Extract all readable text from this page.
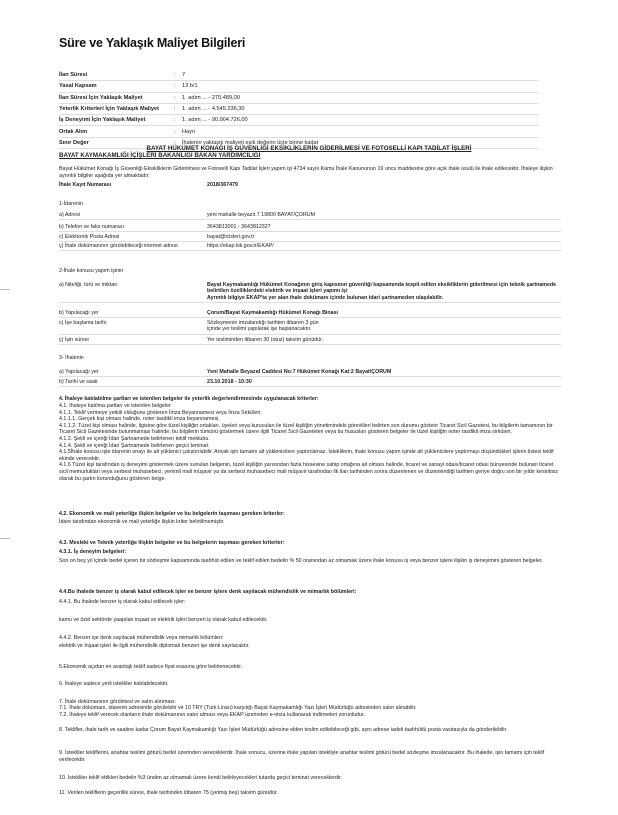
Süre ve Yaklaşık Maliyet Bilgileri
İlan Süresi	:	7
Yasal Kapsam	:	13 b/1
İlan Süresi İçin Yaklaşık Maliyet	:	1. adım ... - 270.489,00
Yeterlik Kriterleri İçin Yaklaşık Maliyet	:	1. adım ... - 4.545.236,30
İş Deneyimi İçin Yaklaşık Maliyet	:	1. adım ... - 90.904.726,00
Ortak Alım	:	Hayır
Sınır Değer	:	İhalenin yaklaşık maliyeti eşik değerin üçte birine kadar
BAYAT HÜKÜMET KONAĞI İŞ GÜVENLİĞİ EKSİKLİKLERİN GİDERİLMESİ VE FOTOSELLİ KAPI TADİLAT İŞLERİ
BAYAT KAYMAKAMLIĞI İÇİŞLERİ BAKANLIĞI BAKAN YARDIMCILIĞI
Bayat Hükümet Konağı İş Güvenliği Eksikliklerin Giderilmesi ve Fotoselli Kapı Tadilat İşleri yapım işi 4734 sayılı Kamu İhale Kanununun 19 uncu maddesine göre açık ihale usulü ile ihale edilecektir. İhaleye ilişkin ayrıntılı bilgiler aşağıda yer almaktadır:
İhale Kayıt Numarası	2018/367479
1-İdarenin
a) Adresi	yeni mahalle beyazıt 7 19800 BAYAT/ÇORUM
b) Telefon ve faks numarası	3643813001 - 3643812327
c) Elektronik Posta Adresi	bayat@icisleri.gov.tr
ç) İhale dokümanının görülebileceği internet adresi	https://ekap.kik.gov.tr/EKAP/
2-İhale konusu yapım işinin
a) Niteliği, türü ve miktarı	Bayat Kaymakamlığı Hükümet Konağının giriş kapısının güvenliği kapsamında tespit edilen eksikliklerin giderilmesi için teknik şartnamede belirtilen özelliklerdeki elektrik ve inşaat işleri yapımı işi
Ayrıntılı bilgiye EKAP'ta yer alan ihale dokümanı içinde bulunan idari şartnameden ulaşılabilir.
b) Yapılacağı yer	Çorum/Bayat Kaymakamlığı Hükümet Konağı Binası
c) İşe başlama tarihi	Sözleşmenin imzalandığı tarihten itibaren 3 gün içinde yer teslimi yapılarak işe başlanacaktır.
ç) İşin süresi	Yer tesliminden itibaren 30 (otuz) takvim günüdür.
3- İhalenin
a) Yapılacağı yer	Yeni Mahalle Beyazıd Caddesi No:7 Hükümet Konağı Kat:2 Bayat/ÇORUM
b) Tarihi ve saati	23.10.2018 - 10:30
4. İhaleye katılabilme şartları ve istenilen belgeler ile yeterlik değerlendirmesinde uygulanacak kriterler:
4.1. İhaleye katılma şartları ve istenilen belgeler
4.1.1. Teklif vermeye yetkili olduğunu gösteren İmza Beyannamesi veya İmza Sirküleri;
4.1.1.1. Gerçek kişi olması halinde, noter tasdikli imza beyannamesi,
4.1.1.2. Tüzel kişi olması halinde, ilgisine göre tüzel kişiliğin ortakları, üyeleri veya kurucuları ile tüzel kişiliğin yönetimindeki görevlileri belirten son durumu gösterir Ticaret Sicil Gazetesi, bu bilgilerin tamamının bir Ticaret Sicil Gazetesinde bulunmaması halinde, bu bilgilerin tümünü göstermek üzere ilgili Ticaret Sicil Gazeteleri veya bu hususları gösteren belgeler ile tüzel kişiliğin noter tasdikli imza sirküleri,
4.1.2. Şekli ve içeriği İdari Şartnamede belirlenen teklif mektubu.
4.1.4. Şekli ve içeriği İdari Şartnamede belirlenen geçici teminat.
4.1.5İhale konusu işte idarenin onayı ile alt yüklenici çalıştırılabilir. Ancak işin tamamı alt yüklenicilere yaptırılamaz. İsteklilerin, ihale konusu yapım işinde alt yüklenicilere yaptırmayı düşündükleri işlerin listesi teklif ekinde verecektir.
4.1.6 Tüzel kişi tarafından iş deneyimi göstermek üzere sunulan belgenin, tüzel kişiliğin yarısından fazla hissesine sahip ortağına ait olması halinde, ticaret ve sanayi odası/ticaret odası bünyesinde bulunan ticaret sicil memurlukları veya serbest muhasebeci, yeminli mali müşavir ya da serbest muhasebeci mali müşavir tarafından ilk ilan tarihinden sonra düzenlenen ve düzenlendiği tarihten geriye doğru son bir yıldır kesintisiz olarak bu şartın korunduğunu gösteren belge.
4.2. Ekonomik ve mali yeterliğe ilişkin belgeler ve bu belgelerin taşıması gereken kriterler:
İdare tarafından ekonomik ve mali yeterliğe ilişkin kriter belirtilmemiştir.
4.3. Mesleki ve Teknik yeterliğe ilişkin belgeler ve bu belgelerin taşıması gereken kriterler:
4.3.1. İş deneyim belgeleri:
Son on beş yıl içinde bedel içeren bir sözleşme kapsamında taahhüt edilen ve teklif edilen bedelin % 50 oranından az olmamak üzere ihale konusu iş veya benzer işlere ilişkin iş deneyimini gösteren belgeler.
4.4.Bu ihalede benzer iş olarak kabul edilecek işler ve benzer işlere denk sayılacak mühendislik ve mimarlık bölümleri:
4.4.1. Bu ihalede benzer iş olarak kabul edilecek işler:
kamu ve özel sektörde yaapılan inşaat ve elektrik işleri benzeri iş olarak kabul edilecektir.
4.4.2. Benzer işe denk sayılacak mühendislik veya mimarlık bölümleri:
elektrik ve İnşaat işleri ile ilgili mühendislik diplomalı benzeri işe denk sayılacaktır.
5.Ekonomik açıdan en avantajlı teklif sadece fiyat esasına göre belirlenecektir.
6. İhaleye sadece yerli istekliler katılabilecektir.
7. İhale dokümanının görülmesi ve satın alınması:
7.1. İhale dokümanı, idarenin adresinde görülebilir ve 10 TRY (Türk Lirası) karşılığı Bayat Kaymakamlığı Yazı İşleri Müdürlüğü adresinden satın alınabilir.
7.2. İhaleye teklif verecek olanların ihale dokümanının satın alması veya EKAP üzerinden e-imza kullanarak indirmeleri zorunludur.
8. Teklifler, ihale tarih ve saatine kadar Çorum Bayat Kaymakamlığı Yazı İşleri Müdürlüğü adresine elden teslim edilebileceği gibi, aynı adrese iadeli taahhütlü posta vasıtasıyla da gönderilebilir.
9. İstekliler tekliflerini, anahtar teslimi götürü bedel üzerinden vereceklerdir. İhale sonucu, üzerine ihale yapılan istekliyle anahtar teslimi götürü bedel sözleşme imzalanacaktır. Bu ihalede, işin tamamı için teklif verilecektir.
10. İstekliler teklif ettikleri bedelin %3 ünden az olmamak üzere kendi belirleyecekleri tutarda geçici teminat vereceklerdir.
11. Verilen tekliflerin geçerlilik süresi, ihale tarihinden itibaren 75 (yetmiş beş) takvim günüdür.
